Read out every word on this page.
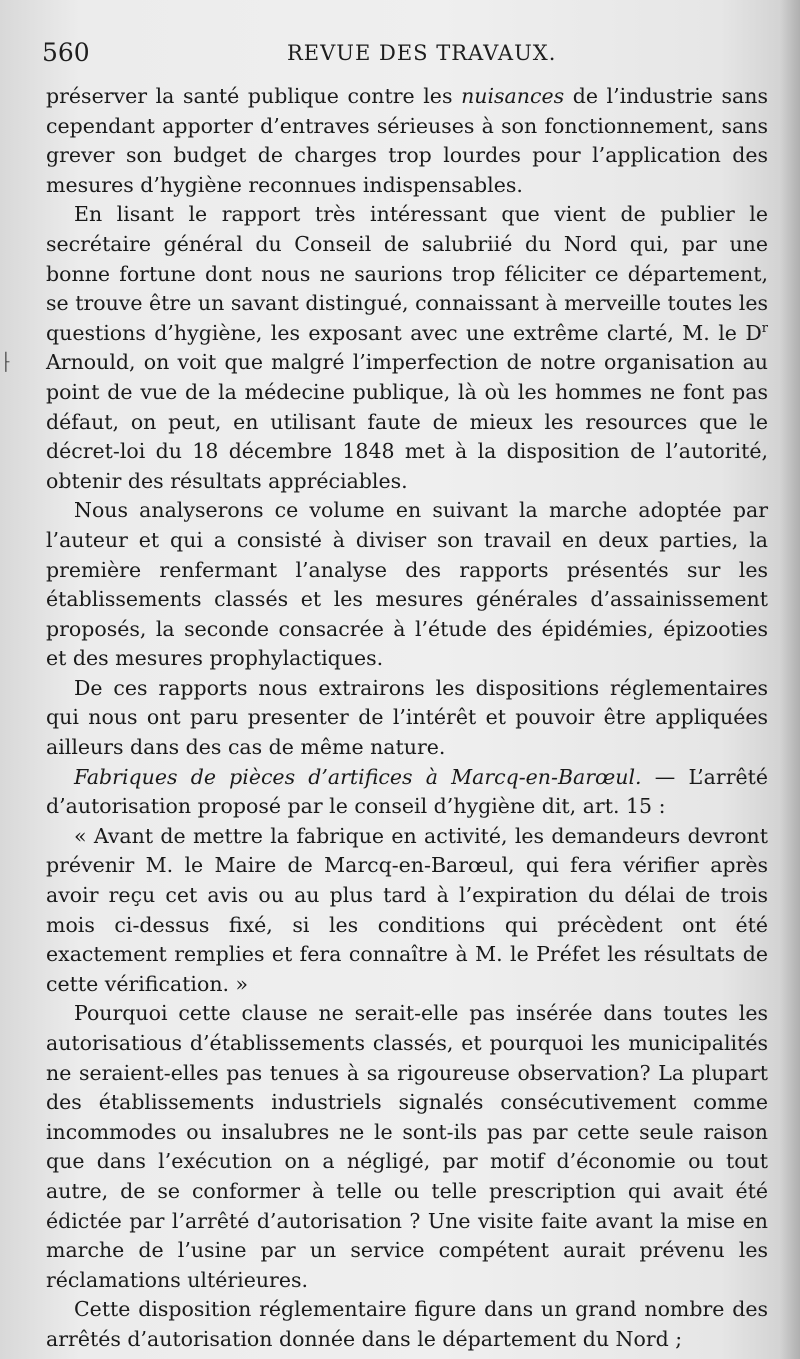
560	REVUE DES TRAVAUX.
⸠

préserver la santé publique contre les nuisances de l’industrie sans cependant apporter d’entraves sérieuses à son fonctionnement, sans grever son budget de charges trop lourdes pour l’application des mesures d’hygiène reconnues indispensables.

En lisant le rapport très intéressant que vient de publier le secrétaire général du Conseil de salubriié du Nord qui, par une bonne fortune dont nous ne saurions trop féliciter ce département, se trouve être un savant distingué, connaissant à merveille toutes les questions d’hygiène, les exposant avec une extrême clarté, M. le $D^r$ Arnould, on voit que malgré l’imperfection de notre organisation au point de vue de la médecine publique, là où les hommes ne font pas défaut, on peut, en utilisant faute de mieux les resources que le décret-loi du 18 décembre 1848 met à la disposition de l’autorité, obtenir des résultats appréciables.

Nous analyserons ce volume en suivant la marche adoptée par l’auteur et qui a consisté à diviser son travail en deux parties, la première renfermant l’analyse des rapports présentés sur les établissements classés et les mesures générales d’assainissement proposés, la seconde consacrée à l’étude des épidémies, épizooties et des mesures prophylactiques.

De ces rapports nous extrairons les dispositions réglementaires qui nous ont paru presenter de l’intérêt et pouvoir être appliquées ailleurs dans des cas de même nature.

Fabriques de pièces d’artifices à Marcq-en-Barœul. — L’arrêté d’autorisation proposé par le conseil d’hygiène dit, art. 15 :

« Avant de mettre la fabrique en activité, les demandeurs devront prévenir M. le Maire de Marcq-en-Barœul, qui fera vérifier après avoir reçu cet avis ou au plus tard à l’expiration du délai de trois mois ci-dessus fixé, si les conditions qui précèdent ont été exactement remplies et fera connaître à M. le Préfet les résultats de cette vérification. »

Pourquoi cette clause ne serait-elle pas insérée dans toutes les autorisatious d’établissements classés, et pourquoi les municipalités ne seraient-elles pas tenues à sa rigoureuse observation? La plupart des établissements industriels signalés consécutivement comme incommodes ou insalubres ne le sont-ils pas par cette seule raison que dans l’exécution on a négligé, par motif d’économie ou tout autre, de se conformer à telle ou telle prescription qui avait été édictée par l’arrêté d’autorisation ? Une visite faite avant la mise en marche de l’usine par un service compétent aurait prévenu les réclamations ultérieures.

Cette disposition réglementaire figure dans un grand nombre des arrêtés d’autorisation donnée dans le département du Nord ;
